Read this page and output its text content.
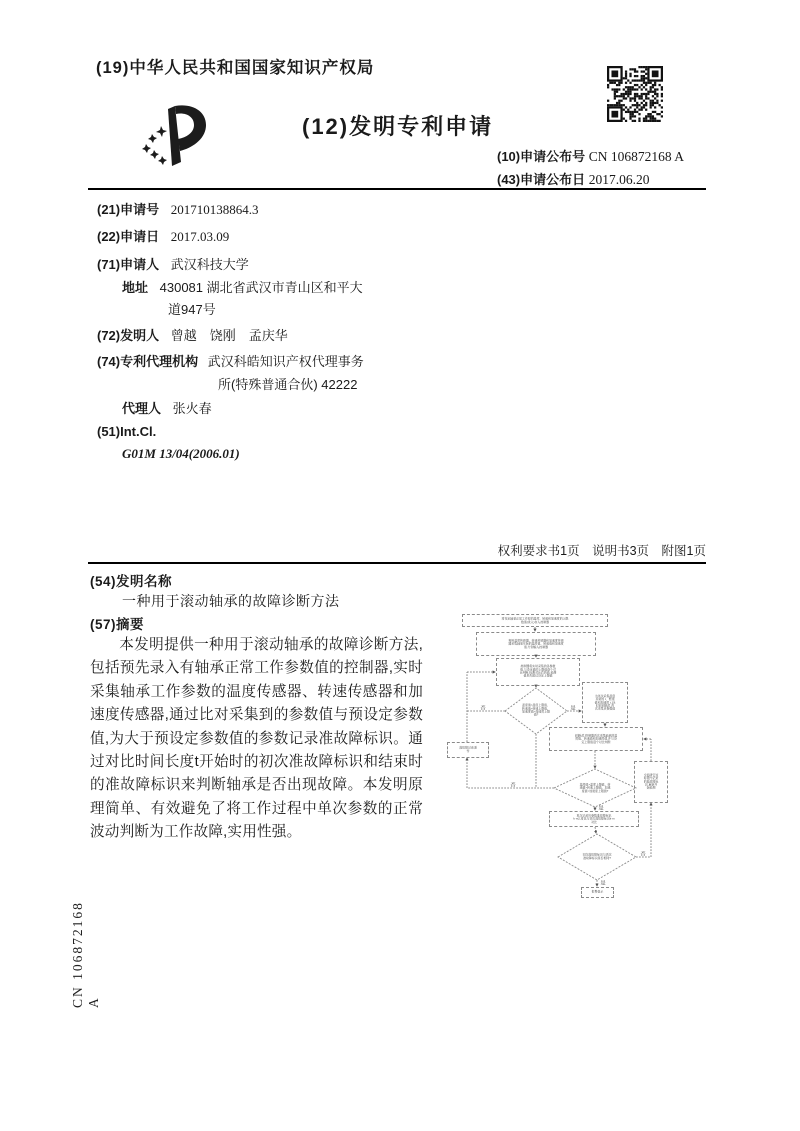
(19)中华人民共和国国家知识产权局
(12)发明专利申请
(10)申请公布号 CN 106872168 A
(43)申请公布日 2017.06.20
(21)申请号 201710138864.3
(22)申请日 2017.03.09
(71)申请人 武汉科技大学
地址 430081 湖北省武汉市青山区和平大
道947号
(72)发明人 曾越　饶刚　孟庆华
(74)专利代理机构 武汉科皓知识产权代理事务
所(特殊普通合伙) 42222
代理人 张火春
(51)Int.Cl.
G01M 13/04(2006.01)
权利要求书1页　说明书3页　附图1页
(54)发明名称
一种用于滚动轴承的故障诊断方法
(57)摘要
本发明提供一种用于滚动轴承的故障诊断方法,包括预先录入有轴承正常工作参数值的控制器,实时采集轴承工作参数的温度传感器、转速传感器和加速度传感器,通过比对采集到的参数值与预设定参数值,为大于预设定参数值的参数记录准故障标识。通过对比时间长度t开始时的初次准故障标识和结束时的准故障标识来判断轴承是否出现故障。本发明原理简单、有效避免了将工作过程中单次参数的正常波动判断为工作故障,实用性强。
将设定轴承正常工作时的温度、转速和加速度的上限数值(录入)存入控制器
利用温度传感器、转速传感器和加速度传感器采集轴承实际的温度值、转速值和加速度值,分别输入控制器
控制器将实时采集的各参数值,与设定值的上限值逐个对比判断,检测对比后的值,检测值是否超过设定上限值
温度值>温度上限值、转速值>转速上限值、加速度值>加速度上限值?
为该次采集温度异常的 t、转速值和加速度 t,记t时间间隔后,再次采集该参数值
间隔t后,控制器再次采集轴承的温度值、转速值和加速度值,并与设定上限值逐个对比判断
准故障记录清零
温度值>温度上限值、转速值>转速上限值、加速度值>加速度上限值?
全面清空该时段内记录的准故障标识,重新开始检测
再次记录该参数准故障标识k·m2,将其与初次准故障标识k·m对比
初次准故障标识与再次准故障标识是否相同?
报警显示
否	是
否
是
否
是
CN 106872168 A
